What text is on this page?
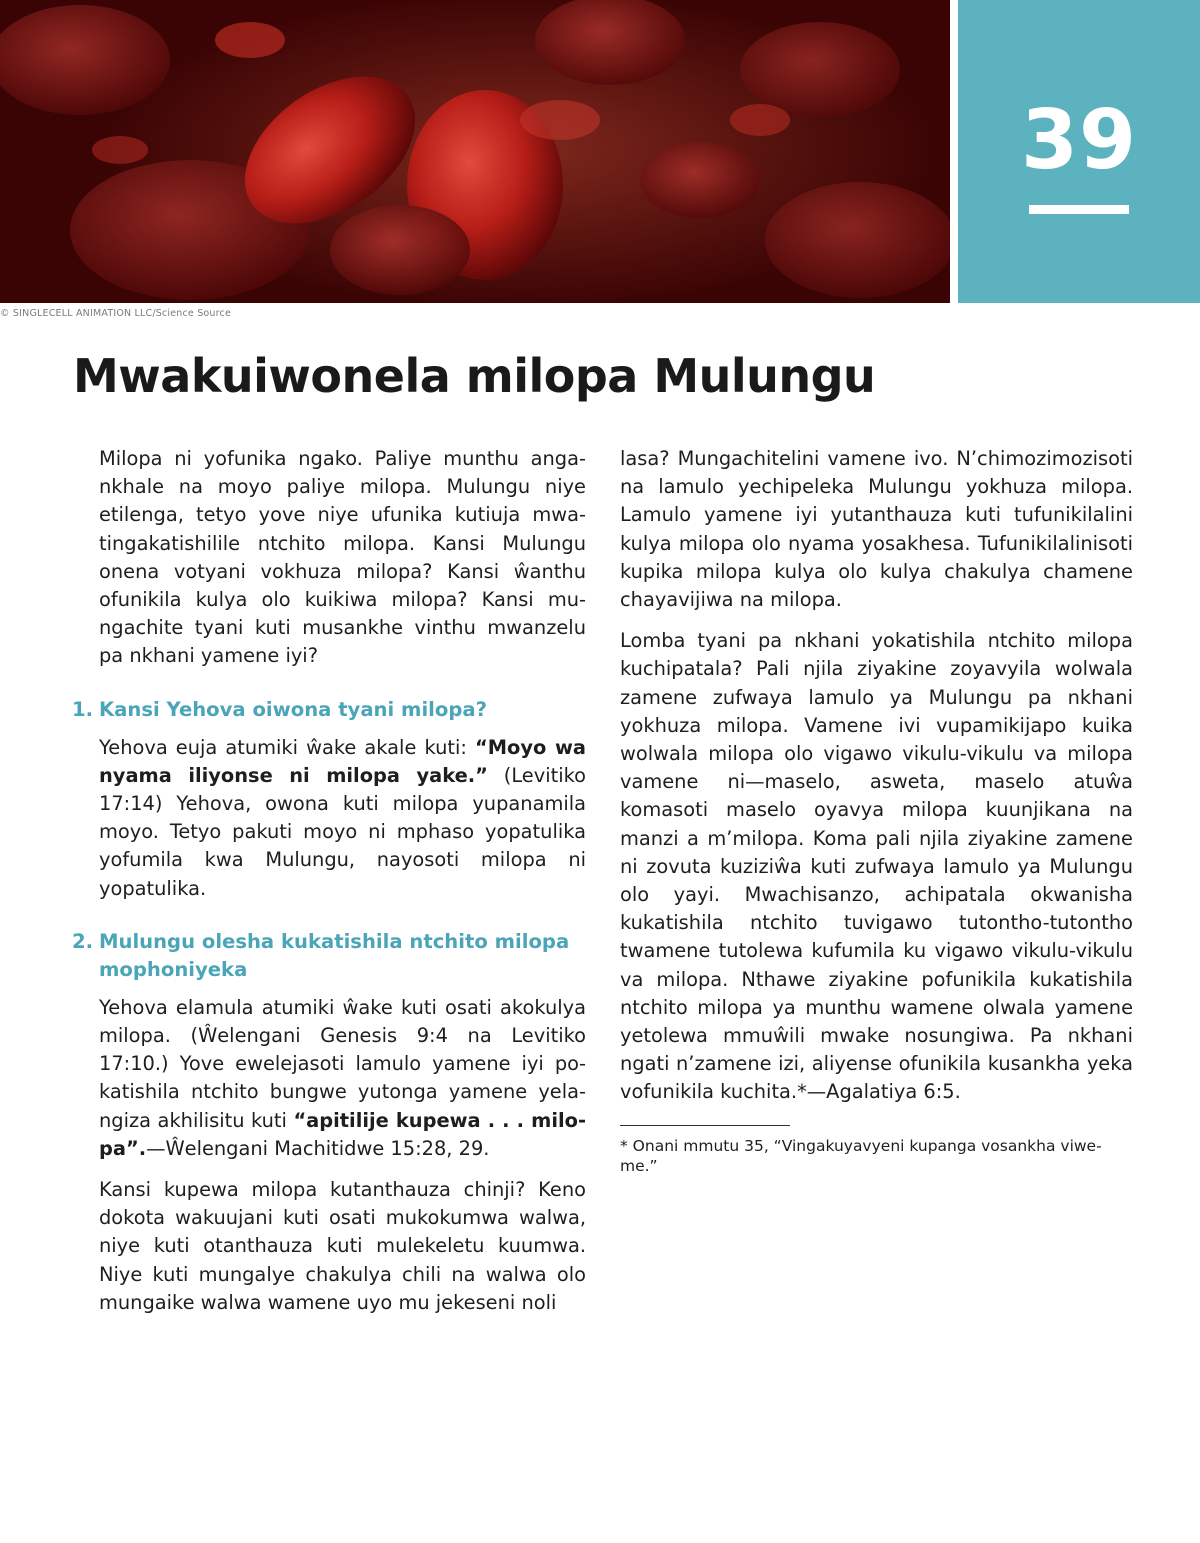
39
© SINGLECELL ANIMATION LLC/Science Source
Mwakuiwonela milopa Mulungu

Milopa ni yofunika ngako. Paliye munthu angankhale na moyo paliye milopa. Mulungu niye etilenga, tetyo yove niye ufunika kutiuja mwatingakatishilile ntchito milopa. Kansi Mulungu onena votyani vokhuza milopa? Kansi ŵanthu ofunikila kulya olo kuikiwa milopa? Kansi mungachite tyani kuti musankhe vinthu mwanzelu pa nkhani yamene iyi?

1. Kansi Yehova oiwona tyani milopa?

Yehova euja atumiki ŵake akale kuti: “Moyo wa nyama iliyonse ni milopa yake.” (Levitiko 17:14) Yehova, owona kuti milopa yupanamila moyo. Tetyo pakuti moyo ni mphaso yopatulika yofumila kwa Mulungu, nayosoti milopa ni yopatulika.

2. Mulungu olesha kukatishila ntchito milopa mophoniyeka

Yehova elamula atumiki ŵake kuti osati akokulya milopa. (Ŵelengani Genesis 9:4 na Levitiko 17:10.) Yove ewelejasoti lamulo yamene iyi pokatishila ntchito bungwe yutonga yamene yelangiza akhilisitu kuti “apitilije kupewa . . . milopa”.—Ŵelengani Machitidwe 15:28, 29.

Kansi kupewa milopa kutanthauza chinji? Keno dokota wakuujani kuti osati mukokumwa walwa, niye kuti otanthauza kuti mulekeletu kuumwa. Niye kuti mungalye chakulya chili na walwa olo mungaike walwa wamene uyo mu jekeseni noli

lasa? Mungachitelini vamene ivo. N’chimozimozisoti na lamulo yechipeleka Mulungu yokhuza milopa. Lamulo yamene iyi yutanthauza kuti tufunikilalini kulya milopa olo nyama yosakhesa. Tufunikilalinisoti kupika milopa kulya olo kulya chakulya chamene chayavijiwa na milopa.

Lomba tyani pa nkhani yokatishila ntchito milopa kuchipatala? Pali njila ziyakine zoyavyila wolwala zamene zufwaya lamulo ya Mulungu pa nkhani yokhuza milopa. Vamene ivi vupamikijapo kuika wolwala milopa olo vigawo vikulu-vikulu va milopa vamene ni—maselo, asweta, maselo atuŵa komasoti maselo oyavya milopa kuunjikana na manzi a m’milopa. Koma pali njila ziyakine zamene ni zovuta kuziziŵa kuti zufwaya lamulo ya Mulungu olo yayi. Mwachisanzo, achipatala okwanisha kukatishila ntchito tuvigawo tutontho-tutontho twamene tutolewa kufumila ku vigawo vikulu-vikulu va milopa. Nthawe ziyakine pofunikila kukatishila ntchito milopa ya munthu wamene olwala yamene yetolewa mmuŵili mwake nosungiwa. Pa nkhani ngati n’zamene izi, aliyense ofunikila kusankha yeka vofunikila kuchita.*—Agalatiya 6:5.

* Onani mmutu 35, “Vingakuyavyeni kupanga vosankha viweme.”
